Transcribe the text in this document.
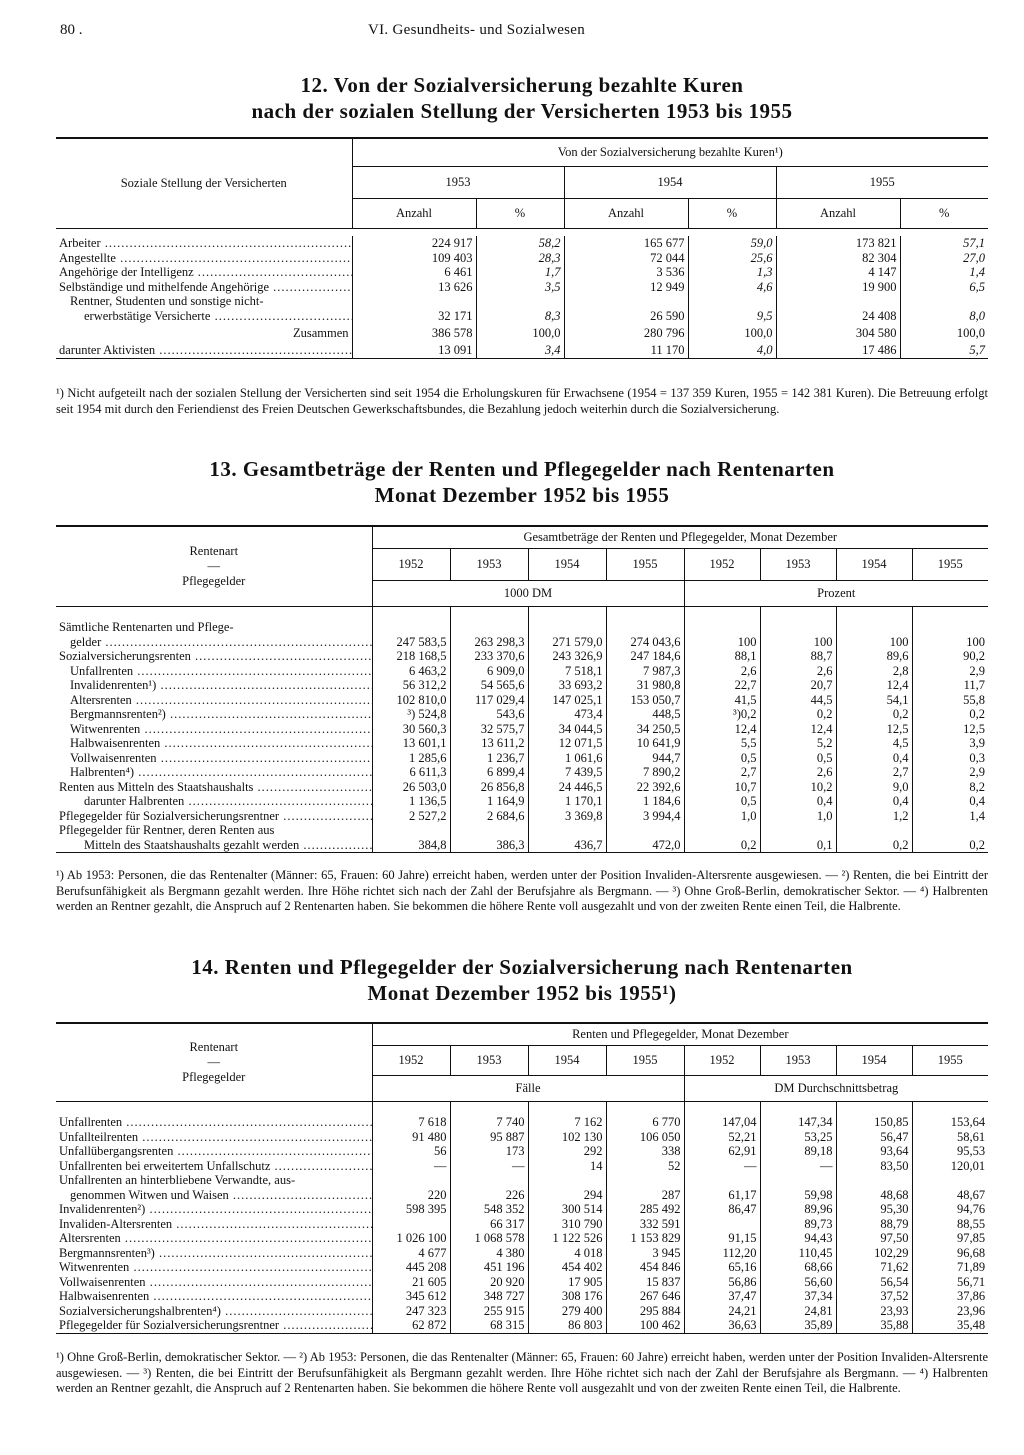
80 .	VI. Gesundheits- und Sozialwesen
12. Von der Sozialversicherung bezahlte Kuren
nach der sozialen Stellung der Versicherten 1953 bis 1955
Soziale Stellung der Versicherten	Von der Sozialversicherung bezahlte Kuren¹)					
	1953		1954		1955	
	Anzahl	%	Anzahl	%	Anzahl	%

Arbeiter .....	224 917	58,2	165 677	59,0	173 821	57,1
Angestellte .....	109 403	28,3	72 044	25,6	82 304	27,0
Angehörige der Intelligenz .....	6 461	1,7	3 536	1,3	4 147	1,4
Selbständige und mithelfende Angehörige .....	13 626	3,5	12 949	4,6	19 900	6,5
Rentner, Studenten und sonstige nicht-						
erwerbstätige Versicherte .....	32 171	8,3	26 590	9,5	24 408	8,0
Zusammen	386 578	100,0	280 796	100,0	304 580	100,0
darunter Aktivisten .....	13 091	3,4	11 170	4,0	17 486	5,7
¹) Nicht aufgeteilt nach der sozialen Stellung der Versicherten sind seit 1954 die Erholungskuren für Erwachsene (1954 = 137 359 Kuren, 1955 = 142 381 Kuren). Die Betreuung erfolgt seit 1954 mit durch den Feriendienst des Freien Deutschen Gewerkschaftsbundes, die Bezahlung jedoch weiterhin durch die Sozialversicherung.
13. Gesamtbeträge der Renten und Pflegegelder nach Rentenarten
Monat Dezember 1952 bis 1955
Rentenart
—
Pflegegelder	Gesamtbeträge der Renten und Pflegegelder, Monat Dezember							
	1952	1953	1954	1955	1952	1953	1954	1955
	1000 DM				Prozent			

Sämtliche Rentenarten und Pflege-								
gelder .....	247 583,5	263 298,3	271 579,0	274 043,6	100	100	100	100
Sozialversicherungsrenten .....	218 168,5	233 370,6	243 326,9	247 184,6	88,1	88,7	89,6	90,2
Unfallrenten .....	6 463,2	6 909,0	7 518,1	7 987,3	2,6	2,6	2,8	2,9
Invalidenrenten¹) .....	56 312,2	54 565,6	33 693,2	31 980,8	22,7	20,7	12,4	11,7
Altersrenten .....	102 810,0	117 029,4	147 025,1	153 050,7	41,5	44,5	54,1	55,8
Bergmannsrenten²) .....	³) 524,8	543,6	473,4	448,5	³)0,2	0,2	0,2	0,2
Witwenrenten .....	30 560,3	32 575,7	34 044,5	34 250,5	12,4	12,4	12,5	12,5
Halbwaisenrenten .....	13 601,1	13 611,2	12 071,5	10 641,9	5,5	5,2	4,5	3,9
Vollwaisenrenten .....	1 285,6	1 236,7	1 061,6	944,7	0,5	0,5	0,4	0,3
Halbrenten⁴) .....	6 611,3	6 899,4	7 439,5	7 890,2	2,7	2,6	2,7	2,9
Renten aus Mitteln des Staatshaushalts .....	26 503,0	26 856,8	24 446,5	22 392,6	10,7	10,2	9,0	8,2
darunter Halbrenten .....	1 136,5	1 164,9	1 170,1	1 184,6	0,5	0,4	0,4	0,4
Pflegegelder für Sozialversicherungsrentner .....	2 527,2	2 684,6	3 369,8	3 994,4	1,0	1,0	1,2	1,4
Pflegegelder für Rentner, deren Renten aus								
Mitteln des Staatshaushalts gezahlt werden .....	384,8	386,3	436,7	472,0	0,2	0,1	0,2	0,2
¹) Ab 1953: Personen, die das Rentenalter (Männer: 65, Frauen: 60 Jahre) erreicht haben, werden unter der Position Invaliden-Altersrente ausgewiesen. — ²) Renten, die bei Eintritt der Berufsunfähigkeit als Bergmann gezahlt werden. Ihre Höhe richtet sich nach der Zahl der Berufsjahre als Bergmann. — ³) Ohne Groß-Berlin, demokratischer Sektor. — ⁴) Halbrenten werden an Rentner gezahlt, die Anspruch auf 2 Rentenarten haben. Sie bekommen die höhere Rente voll ausgezahlt und von der zweiten Rente einen Teil, die Halbrente.
14. Renten und Pflegegelder der Sozialversicherung nach Rentenarten
Monat Dezember 1952 bis 1955¹)
Rentenart
—
Pflegegelder	Renten und Pflegegelder, Monat Dezember							
	1952	1953	1954	1955	1952	1953	1954	1955
	Fälle				DM Durchschnittsbetrag			

Unfallrenten .....	7 618	7 740	7 162	6 770	147,04	147,34	150,85	153,64
Unfallteilrenten .....	91 480	95 887	102 130	106 050	52,21	53,25	56,47	58,61
Unfallübergangsrenten .....	56	173	292	338	62,91	89,18	93,64	95,53
Unfallrenten bei erweitertem Unfallschutz .....	—	—	14	52	—	—	83,50	120,01
Unfallrenten an hinterbliebene Verwandte, aus-								
genommen Witwen und Waisen .....	220	226	294	287	61,17	59,98	48,68	48,67
Invalidenrenten²) .....	598 395	548 352	300 514	285 492	86,47	89,96	95,30	94,76
Invaliden-Altersrenten .....		66 317	310 790	332 591		89,73	88,79	88,55
Altersrenten .....	1 026 100	1 068 578	1 122 526	1 153 829	91,15	94,43	97,50	97,85
Bergmannsrenten³) .....	4 677	4 380	4 018	3 945	112,20	110,45	102,29	96,68
Witwenrenten .....	445 208	451 196	454 402	454 846	65,16	68,66	71,62	71,89
Vollwaisenrenten .....	21 605	20 920	17 905	15 837	56,86	56,60	56,54	56,71
Halbwaisenrenten .....	345 612	348 727	308 176	267 646	37,47	37,34	37,52	37,86
Sozialversicherungshalbrenten⁴) .....	247 323	255 915	279 400	295 884	24,21	24,81	23,93	23,96
Pflegegelder für Sozialversicherungsrentner .....	62 872	68 315	86 803	100 462	36,63	35,89	35,88	35,48
¹) Ohne Groß-Berlin, demokratischer Sektor. — ²) Ab 1953: Personen, die das Rentenalter (Männer: 65, Frauen: 60 Jahre) erreicht haben, werden unter der Position Invaliden-Altersrente ausgewiesen. — ³) Renten, die bei Eintritt der Berufsunfähigkeit als Bergmann gezahlt werden. Ihre Höhe richtet sich nach der Zahl der Berufsjahre als Bergmann. — ⁴) Halbrenten werden an Rentner gezahlt, die Anspruch auf 2 Rentenarten haben. Sie bekommen die höhere Rente voll ausgezahlt und von der zweiten Rente einen Teil, die Halbrente.
